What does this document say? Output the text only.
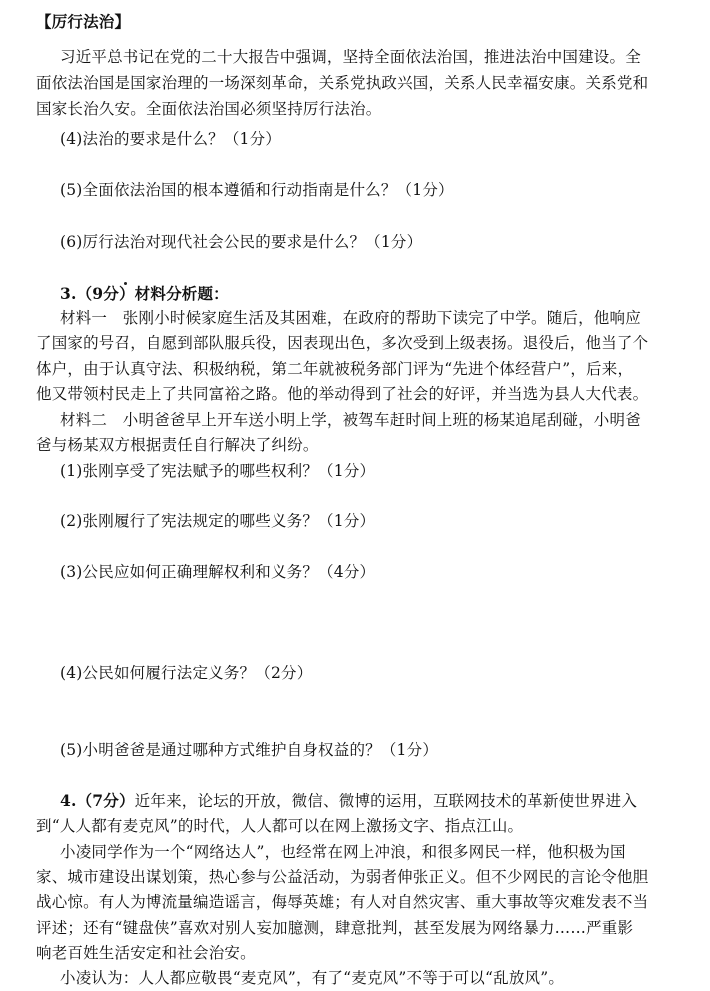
【厉行法治】
习近平总书记在党的二十大报告中强调，坚持全面依法治国，推进法治中国建设。全
面依法治国是国家治理的一场深刻革命，关系党执政兴国，关系人民幸福安康。关系党和
国家长治久安。全面依法治国必须坚持厉行法治。
(4)法治的要求是什么？（1分）
(5)全面依法治国的根本遵循和行动指南是什么？（1分）
(6)厉行法治对现代社会公民的要求是什么？（1分）
3.（9分）材料分析题：
材料一　张刚小时候家庭生活及其困难，在政府的帮助下读完了中学。随后，他响应
了国家的号召，自愿到部队服兵役，因表现出色，多次受到上级表扬。退役后，他当了个
体户，由于认真守法、积极纳税，第二年就被税务部门评为“先进个体经营户”，后来，
他又带领村民走上了共同富裕之路。他的举动得到了社会的好评，并当选为县人大代表。
材料二　小明爸爸早上开车送小明上学，被驾车赶时间上班的杨某追尾刮碰，小明爸
爸与杨某双方根据责任自行解决了纠纷。
(1)张刚享受了宪法赋予的哪些权利？（1分）
(2)张刚履行了宪法规定的哪些义务？（1分）
(3)公民应如何正确理解权利和义务？（4分）
(4)公民如何履行法定义务？（2分）
(5)小明爸爸是通过哪种方式维护自身权益的？（1分）
4.（7分）近年来，论坛的开放，微信、微博的运用，互联网技术的革新使世界进入
到“人人都有麦克风”的时代，人人都可以在网上激扬文字、指点江山。
小凌同学作为一个“网络达人”，也经常在网上冲浪，和很多网民一样，他积极为国
家、城市建设出谋划策，热心参与公益活动，为弱者伸张正义。但不少网民的言论令他胆
战心惊。有人为博流量编造谣言，侮辱英雄；有人对自然灾害、重大事故等灾难发表不当
评述；还有“键盘侠”喜欢对别人妄加臆测，肆意批判，甚至发展为网络暴力……严重影
响老百姓生活安定和社会治安。
小凌认为：人人都应敬畏“麦克风”，有了“麦克风”不等于可以“乱放风”。
